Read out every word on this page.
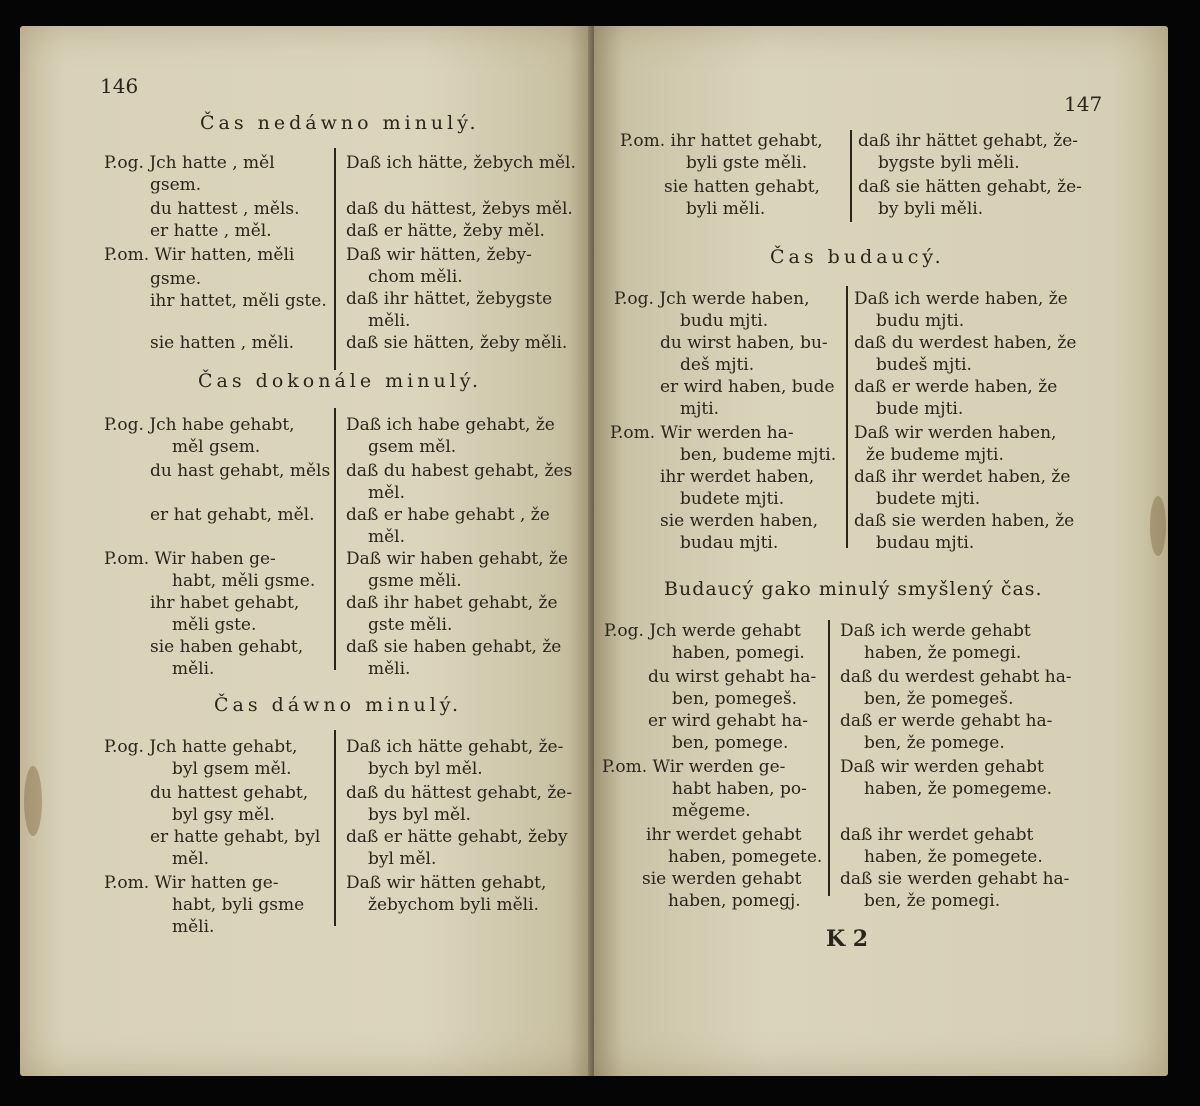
146
Čas nedáwno minulý.
P.og. Jch hatte , měl
gsem.
du hattest , měls.
er hatte , měl.
P.om. Wir hatten, měli
gsme.
ihr hattet, měli gste.
sie hatten , měli.
Daß ich hätte, žebych měl.
daß du hättest, žebys měl.
daß er hätte, žeby měl.
Daß wir hätten, žeby-
chom měli.
daß ihr hättet, žebygste
měli.
daß sie hätten, žeby měli.
Čas dokonále minulý.
P.og. Jch habe gehabt,
měl gsem.
du hast gehabt, měls
er hat gehabt, měl.
P.om. Wir haben ge-
habt, měli gsme.
ihr habet gehabt,
měli gste.
sie haben gehabt,
měli.
Daß ich habe gehabt, že
gsem měl.
daß du habest gehabt, žes
měl.
daß er habe gehabt , že
měl.
Daß wir haben gehabt, že
gsme měli.
daß ihr habet gehabt, že
gste měli.
daß sie haben gehabt, že
měli.
Čas dáwno minulý.
P.og. Jch hatte gehabt,
byl gsem měl.
du hattest gehabt,
byl gsy měl.
er hatte gehabt, byl
měl.
P.om. Wir hatten ge-
habt, byli gsme
měli.
Daß ich hätte gehabt, že-
bych byl měl.
daß du hättest gehabt, že-
bys byl měl.
daß er hätte gehabt, žeby
byl měl.
Daß wir hätten gehabt,
žebychom byli měli.
147
P.om. ihr hattet gehabt,
byli gste měli.
sie hatten gehabt,
byli měli.
daß ihr hättet gehabt, že-
bygste byli měli.
daß sie hätten gehabt, že-
by byli měli.
Čas budaucý.
P.og. Jch werde haben,
budu mjti.
du wirst haben, bu-
deš mjti.
er wird haben, bude
mjti.
P.om. Wir werden ha-
ben, budeme mjti.
ihr werdet haben,
budete mjti.
sie werden haben,
budau mjti.
Daß ich werde haben, že
budu mjti.
daß du werdest haben, že
budeš mjti.
daß er werde haben, že
bude mjti.
Daß wir werden haben,
že budeme mjti.
daß ihr werdet haben, že
budete mjti.
daß sie werden haben, že
budau mjti.
Budaucý gako minulý smyšlený čas.
P.og. Jch werde gehabt
haben, pomegi.
du wirst gehabt ha-
ben, pomegeš.
er wird gehabt ha-
ben, pomege.
P.om. Wir werden ge-
habt haben, po-
měgeme.
ihr werdet gehabt
haben, pomegete.
sie werden gehabt
haben, pomegj.
Daß ich werde gehabt
haben, že pomegi.
daß du werdest gehabt ha-
ben, že pomegeš.
daß er werde gehabt ha-
ben, že pomege.
Daß wir werden gehabt
haben, že pomegeme.
daß ihr werdet gehabt
haben, že pomegete.
daß sie werden gehabt ha-
ben, že pomegi.
K 2
